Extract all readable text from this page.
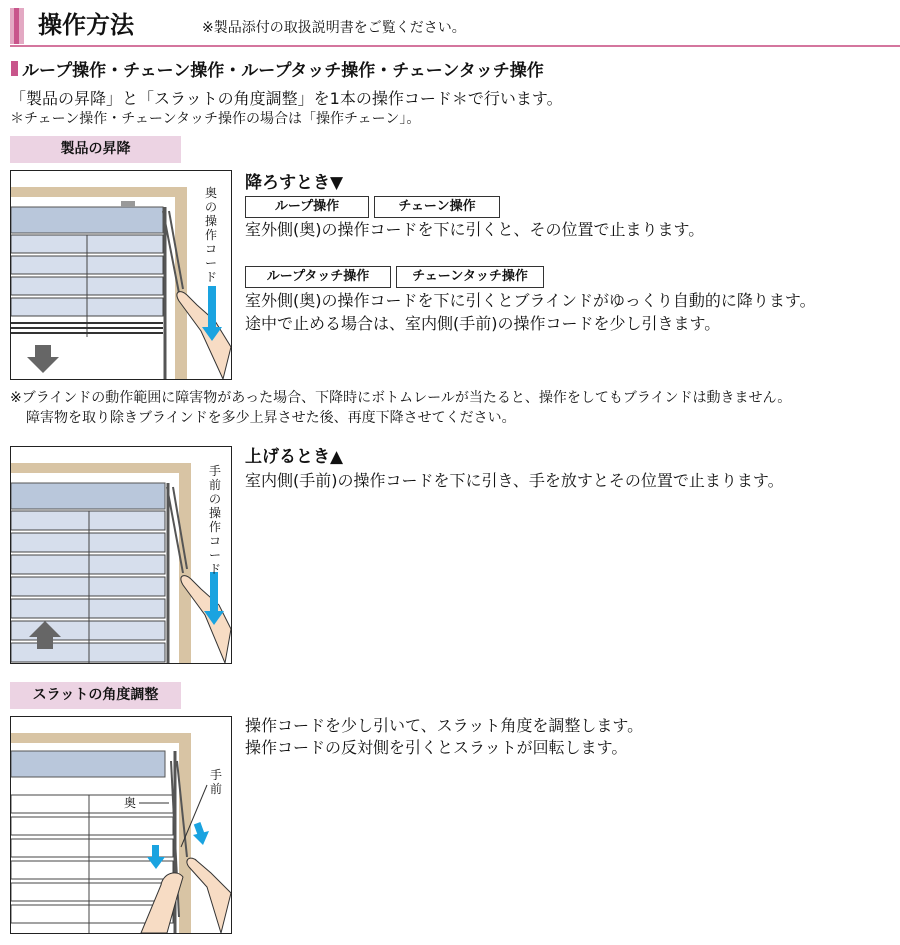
操作方法	※製品添付の取扱説明書をご覧ください。
ループ操作・チェーン操作・ループタッチ操作・チェーンタッチ操作
「製品の昇降」と「スラットの角度調整」を1本の操作コード＊で行います。
＊チェーン操作・チェーンタッチ操作の場合は「操作チェーン」。
製品の昇降
奥の操作コード
降ろすとき▼
ループ操作	チェーン操作
室外側(奥)の操作コードを下に引くと、その位置で止まります。
ループタッチ操作	チェーンタッチ操作
室外側(奥)の操作コードを下に引くとブラインドがゆっくり自動的に降ります。
途中で止める場合は、室内側(手前)の操作コードを少し引きます。
※ブラインドの動作範囲に障害物があった場合、下降時にボトムレールが当たると、操作をしてもブラインドは動きません。
障害物を取り除きブラインドを多少上昇させた後、再度下降させてください。
手前の操作コード
上げるとき▲
室内側(手前)の操作コードを下に引き、手を放すとその位置で止まります。
スラットの角度調整
手前
奥
操作コードを少し引いて、スラット角度を調整します。
操作コードの反対側を引くとスラットが回転します。
